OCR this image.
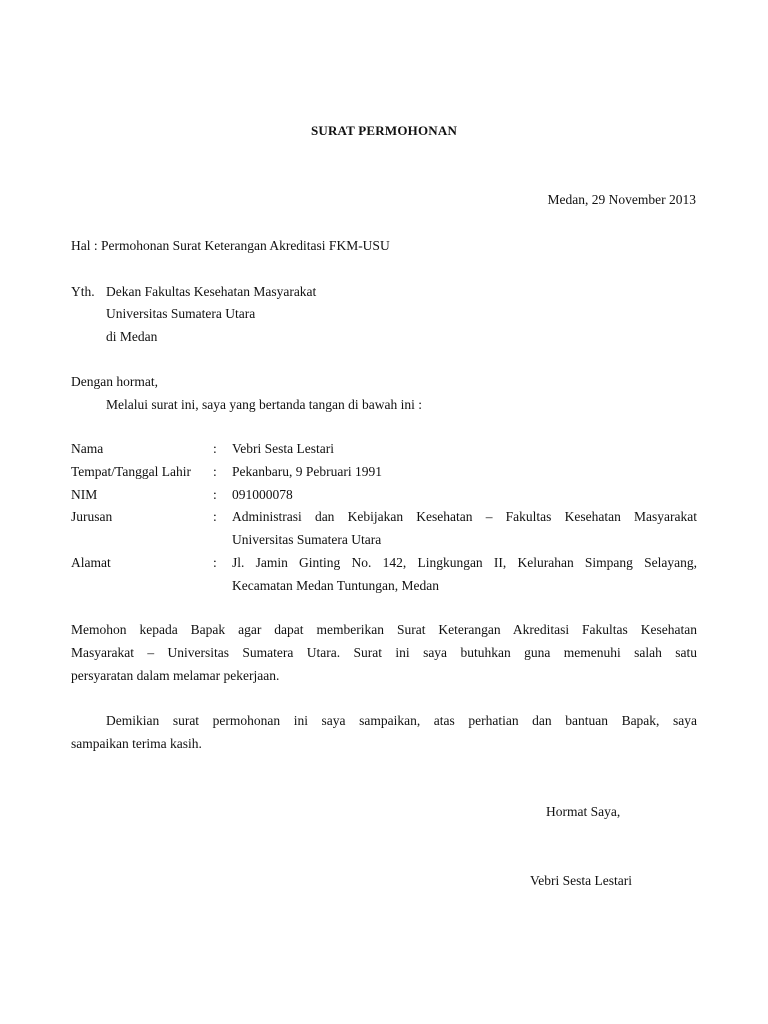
SURAT PERMOHONAN
Medan, 29 November 2013
Hal : Permohonan Surat Keterangan Akreditasi FKM-USU
Yth. Dekan Fakultas Kesehatan Masyarakat
Universitas Sumatera Utara
di Medan
Dengan hormat,
Melalui surat ini, saya yang bertanda tangan di bawah ini :
Nama	: Vebri Sesta Lestari
Tempat/Tanggal Lahir : Pekanbaru, 9 Pebruari 1991
NIM	: 091000078
Jurusan	: Administrasi dan Kebijakan Kesehatan – Fakultas Kesehatan Masyarakat
Universitas Sumatera Utara
Alamat	: Jl. Jamin Ginting No. 142, Lingkungan II, Kelurahan Simpang Selayang,
Kecamatan Medan Tuntungan, Medan
Memohon kepada Bapak agar dapat memberikan Surat Keterangan Akreditasi Fakultas Kesehatan
Masyarakat – Universitas Sumatera Utara. Surat ini saya butuhkan guna memenuhi salah satu
persyaratan dalam melamar pekerjaan.
Demikian surat permohonan ini saya sampaikan, atas perhatian dan bantuan Bapak, saya
sampaikan terima kasih.
Hormat Saya,
Vebri Sesta Lestari
